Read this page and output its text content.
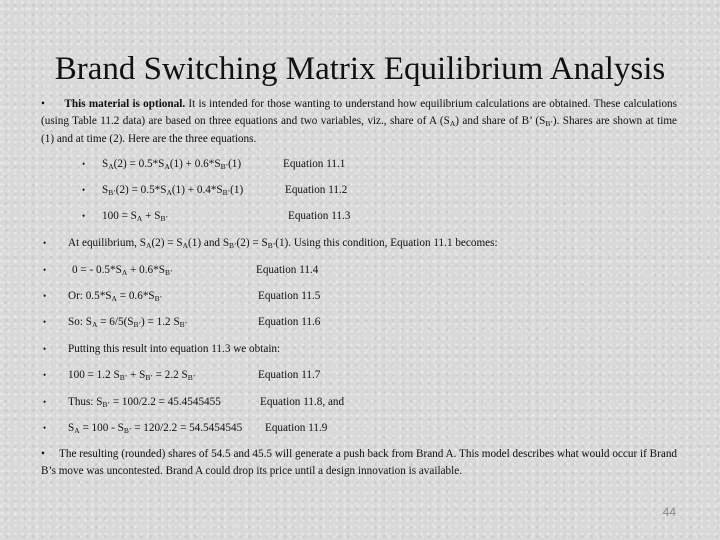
Brand Switching Matrix Equilibrium Analysis
• This material is optional. It is intended for those wanting to understand how equilibrium calculations are obtained. These calculations (using Table 11.2 data) are based on three equations and two variables, viz., share of A $(S_A)$ and share of B’ $(S_{B’})$. Shares are shown at time (1) and at time (2). Here are the three equations.
• $S_A(2) = 0.5*S_A(1) + 0.6*S_{B’}(1)$	Equation 11.1
• $S_{B’}(2) = 0.5*S_A(1) + 0.4*S_{B’}(1)$	Equation 11.2
• $100 = S_A + S_{B’}$	Equation 11.3
• At equilibrium, $S_A(2) = S_A(1)$ and $S_{B’}(2) = S_{B’}(1)$. Using this condition, Equation 11.1 becomes:
• 0 = - $0.5*S_A + 0.6*S_{B’}$	Equation 11.4
• Or: $0.5*S_A = 0.6*S_{B’}$	Equation 11.5
• So: $S_A = 6/5(S_{B’}) = 1.2$ $S_{B’}$	Equation 11.6
• Putting this result into equation 11.3 we obtain:
• 100 = 1.2 $S_{B’} + S_{B’} = 2.2$ $S_{B’}$	Equation 11.7
• Thus: $S_{B’} = 100/2.2 = 45.4545455$	Equation 11.8, and
• $S_A = 100 - S_{B’} = 120/2.2 = 54.5454545$ Equation 11.9
• The resulting (rounded) shares of 54.5 and 45.5 will generate a push back from Brand A. This model describes what would occur if Brand B’s move was uncontested. Brand A could drop its price until a design innovation is available.
44
